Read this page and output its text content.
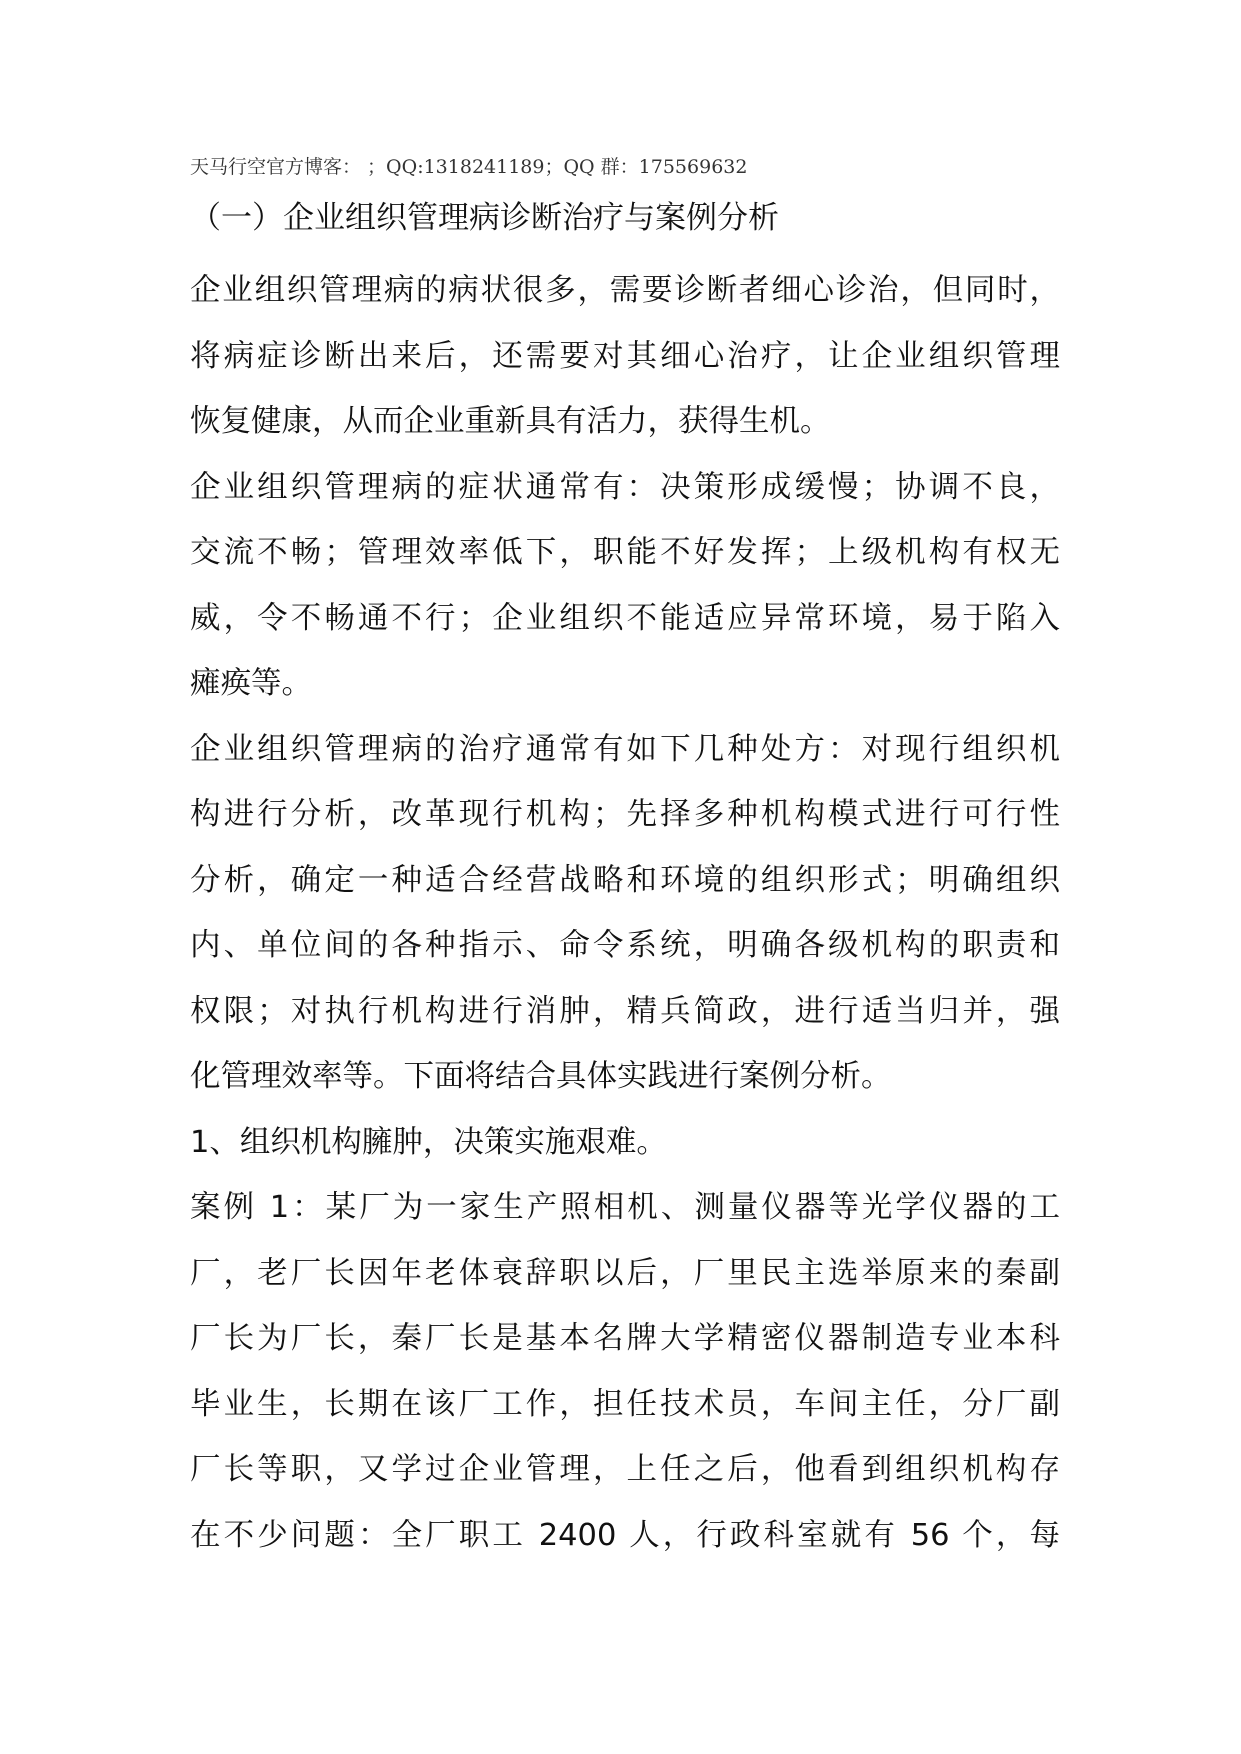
天马行空官方博客： ；QQ:1318241189；QQ 群：175569632
（一）企业组织管理病诊断治疗与案例分析
企业组织管理病的病状很多，需要诊断者细心诊治，但同时，
将病症诊断出来后，还需要对其细心治疗，让企业组织管理
恢复健康，从而企业重新具有活力，获得生机。
企业组织管理病的症状通常有：决策形成缓慢；协调不良，
交流不畅；管理效率低下，职能不好发挥；上级机构有权无
威，令不畅通不行；企业组织不能适应异常环境，易于陷入
瘫痪等。
企业组织管理病的治疗通常有如下几种处方：对现行组织机
构进行分析，改革现行机构；先择多种机构模式进行可行性
分析，确定一种适合经营战略和环境的组织形式；明确组织
内、单位间的各种指示、命令系统，明确各级机构的职责和
权限；对执行机构进行消肿，精兵简政，进行适当归并，强
化管理效率等。下面将结合具体实践进行案例分析。
1、组织机构臃肿，决策实施艰难。
案例 1：某厂为一家生产照相机、测量仪器等光学仪器的工
厂，老厂长因年老体衰辞职以后，厂里民主选举原来的秦副
厂长为厂长，秦厂长是基本名牌大学精密仪器制造专业本科
毕业生，长期在该厂工作，担任技术员，车间主任，分厂副
厂长等职，又学过企业管理，上任之后，他看到组织机构存
在不少问题：全厂职工 2400 人，行政科室就有 56 个，每
